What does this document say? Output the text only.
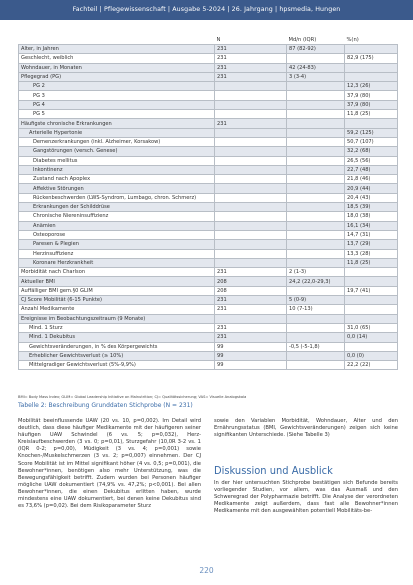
Fachteil | Pflegewissenschaft | Ausgabe 5-2024 | 26. Jahrgang | hpsmedia, Hungen
	N	Md/n (IQR)	%(n)
Alter, in Jahren	231	87 (82-92)	
Geschlecht, weiblich	231		82,9 (175)
Wohndauer, in Monaten	231	42 (24-83)	
Pflegegrad (PG)	231	3 (3-4)	
PG 2			12,3 (26)
PG 3			37,9 (80)
PG 4			37,9 (80)
PG 5			11,8 (25)
Häufigste chronische Erkrankungen	231		
Arterielle Hypertonie			59,2 (125)
Demenzerkrankungen (inkl. Alzheimer, Korsakow)			50,7 (107)
Gangstörungen (versch. Genese)			32,2 (68)
Diabetes mellitus			26,5 (56)
Inkontinenz			22,7 (48)
Zustand nach Apoplex			21,8 (46)
Affektive Störungen			20,9 (44)
Rückenbeschwerden (LWS-Syndrom, Lumbago, chron. Schmerz)			20,4 (43)
Erkrankungen der Schilddrüse			18,5 (39)
Chronische Niereninsuffizienz			18,0 (38)
Anämien			16,1 (34)
Osteoporose			14,7 (31)
Paresen & Plegien			13,7 (29)
Herzinsuffizienz			13,3 (28)
Koronare Herzkrankheit			11,8 (25)
Morbidität nach Charlson	231	2 (1-3)	
Aktueller BMI	208	24,2 (22,0-29,3)	
Auffälliger BMI gem.§0 GLIM	208		19,7 (41)
CJ Score Mobilität (6-15 Punkte)	231	5 (0-9)	
Anzahl Medikamente	231	10 (7-13)	
Ereignisse im Beobachtungszeitraum (9 Monate)			
Mind. 1 Sturz	231		31,0 (65)
Mind. 1 Dekubitus	231		0,0 (14)
Gewichtsveränderungen, in % des Körpergewichts	99	-0,5 (-5-1,8)	
Erheblicher Gewichtsverlust (≥ 10%)	99		0,0 (0)
Mittelgradiger Gewichtsverlust (5%-9,9%)	99		22,2 (22)
BMI= Body Mass Index; GLIM= Global Leadership Initiative on Malnutrition; CJ= Qualitätssicherung; VAS= Visuelle Analogskala
Tabelle 2: Beschreibung Grunddaten Stichprobe (N = 231)
Mobilität beeinflussende UAW (20 vs. 10, p=0,002). Im Detail wird deutlich, dass diese häufiger Medikamente mit der häufigeren seiner häufigen UAW Schwindel (6 vs. 5; p=0,032), Herz-Kreislaufbeschwerden (3 vs. 0; p=0,01), Sturzgefahr (10,0R 3-2 vs. 1 (IQR 0-2; p=0,00), Müdigkeit (3 vs. 4; p=0,001) sowie Knochen-/Muskelschmerzen (3 vs. 2; p=0,007) einnehmen. Der CJ Score Mobilität ist im Mittel signifikant höher (4 vs. 0,5; p=0,001), die Bewohner*innen, benötigen also mehr Unterstützung, was die Bewegungsfähigkeit betrifft. Zudem wurden bei Personen häufiger mögliche UAW dokumentiert (74,9% vs. 47,2%; p<0,001). Bei allen Bewohner*innen, die einen Dekubitus erlitten haben, wurde mindestens eine UAW dokumentiert, bei denen keine Dekubitus sind es 73,6% (p=0,02). Bei dem Risikoparameter Sturz
sowie den Variablen Morbidität, Wohndauer, Alter und den Ernährungsstatus (BMI, Gewichtsveränderungen) zeigen sich keine signifikanten Unterschiede. (Siehe Tabelle 3)
Diskussion und Ausblick
In der hier untersuchten Stichprobe bestätigen sich Befunde bereits vorliegender Studien, vor allem, was das Ausmaß und den Schweregrad der Polypharmazie betrifft. Die Analyse der verordneten Medikamente zeigt außerdem, dass fast alle Bewohner*innen Medikamente mit den ausgewählten potentiell Mobilitäts-be-
220
